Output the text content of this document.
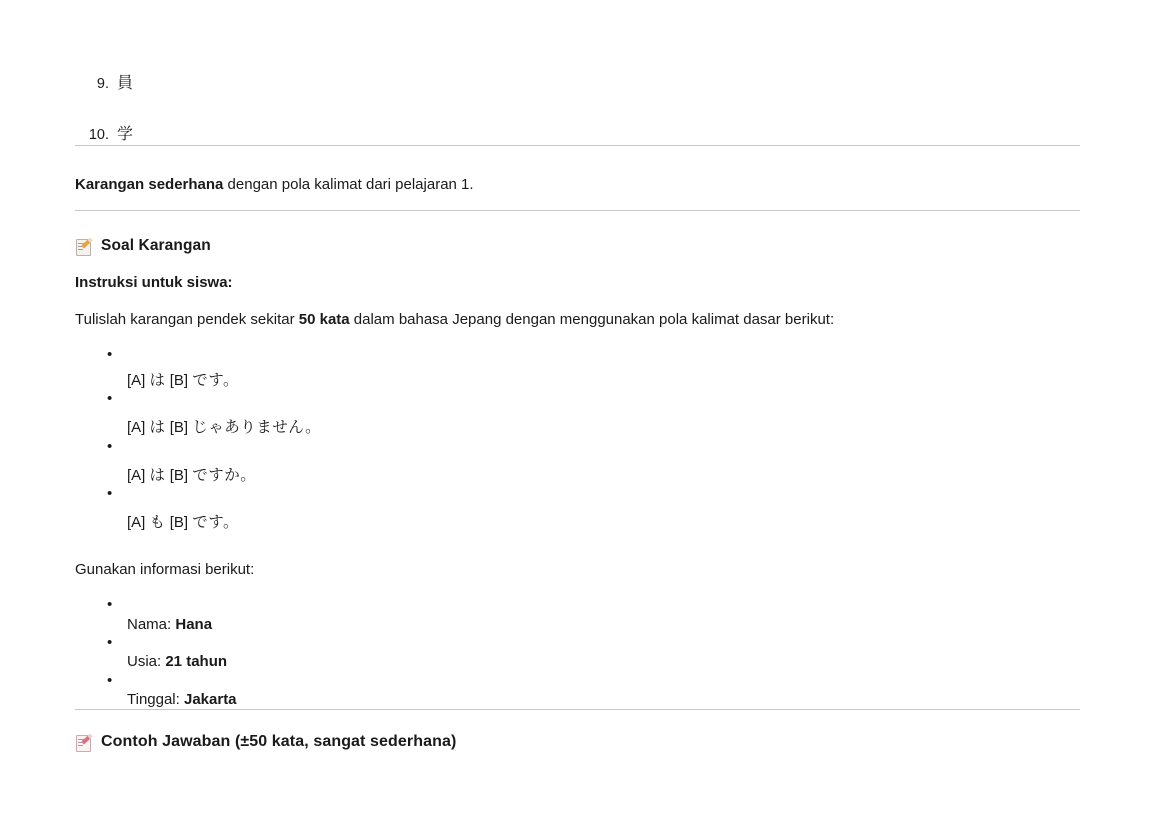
9. 員
10. 学

Karangan sederhana dengan pola kalimat dari pelajaran 1.

Soal Karangan

Instruksi untuk siswa:

Tulislah karangan pendek sekitar 50 kata dalam bahasa Jepang dengan menggunakan pola kalimat dasar berikut:

• [A] は [B] です。
• [A] は [B] じゃありません。
• [A] は [B] ですか。
• [A] も [B] です。

Gunakan informasi berikut:

• Nama: Hana
• Usia: 21 tahun
• Tinggal: Jakarta
Contoh Jawaban (±50 kata, sangat sederhana)
